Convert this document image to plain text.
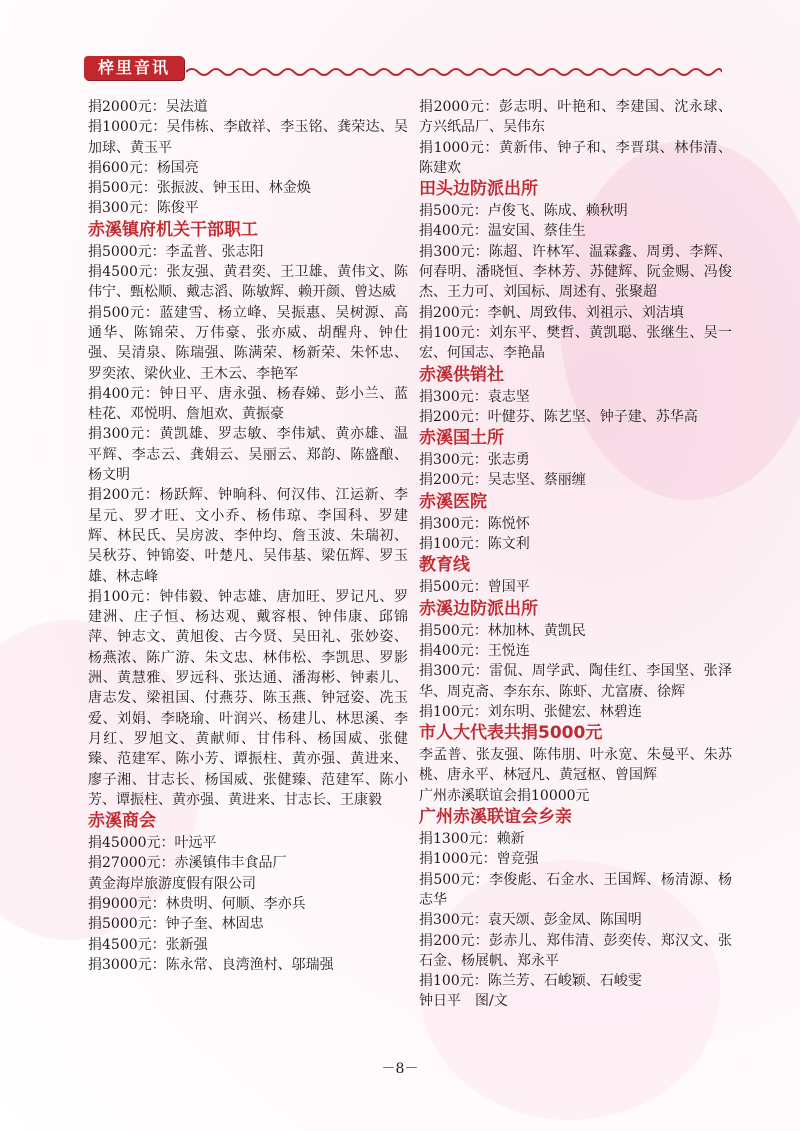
梓里音讯

捐2000元：吴法道

捐1000元：吴伟栋、李啟祥、李玉铭、龚荣达、吴加球、黄玉平

捐600元：杨国亮

捐500元：张振波、钟玉田、林金焕

捐300元：陈俊平

赤溪镇府机关干部职工

捐5000元：李孟普、张志阳

捐4500元：张友强、黄君奕、王卫雄、黄伟文、陈伟宁、甄松顺、戴志滔、陈敏辉、赖开颜、曾达威

捐500元：蓝建雪、杨立峰、吴振惠、吴树源、高通华、陈锦荣、万伟豪、张亦威、胡醒舟、钟仕强、吴清泉、陈瑞强、陈满荣、杨新荣、朱怀忠、罗奕浓、梁伙业、王木云、李艳军

捐400元：钟日平、唐永强、杨春娣、彭小兰、蓝桂花、邓悦明、詹旭欢、黄振豪

捐300元：黄凯雄、罗志敏、李伟斌、黄亦雄、温平辉、李志云、龚娟云、吴丽云、郑韵、陈盛酿、杨文明

捐200元：杨跃辉、钟晌科、何汉伟、江运新、李星元、罗才旺、文小乔、杨伟琼、李国科、罗建辉、林民氏、吴房波、李仲均、詹玉波、朱瑞初、吴秋芬、钟锦姿、叶楚凡、吴伟基、梁伍辉、罗玉雄、林志峰

捐100元：钟伟毅、钟志雄、唐加旺、罗记凡、罗建洲、庄子恒、杨达观、戴容根、钟伟康、邱锦萍、钟志文、黄旭俊、古今贤、吴田礼、张妙姿、杨燕浓、陈广游、朱文忠、林伟松、李凯思、罗影洲、黄慧雅、罗远科、张达通、潘海彬、钟素儿、唐志发、梁祖国、付燕芬、陈玉燕、钟冠姿、冼玉爱、刘娟、李晓瑜、叶润兴、杨建儿、林思溪、李月红、罗旭文、黄献师、甘伟科、杨国威、张健臻、范建军、陈小芳、谭振柱、黄亦强、黄进来、廖子湘、甘志长、杨国威、张健臻、范建军、陈小芳、谭振柱、黄亦强、黄进来、甘志长、王康毅

赤溪商会

捐45000元：叶远平

捐27000元：赤溪镇伟丰食品厂

黄金海岸旅游度假有限公司

捐9000元：林贵明、何顺、李亦兵

捐5000元：钟子奎、林固忠

捐4500元：张新强

捐3000元：陈永常、良湾渔村、邬瑞强

捐2000元：彭志明、叶艳和、李建国、沈永球、方兴纸品厂、吴伟东

捐1000元：黄新伟、钟子和、李晋琪、林伟清、陈建欢

田头边防派出所

捐500元：卢俊飞、陈成、赖秋明

捐400元：温安国、蔡佳生

捐300元：陈超、许林军、温霖鑫、周勇、李辉、何春明、潘晓恒、李林芳、苏健辉、阮金赐、冯俊杰、王力可、刘国标、周述有、张聚超

捐200元：李帆、周致伟、刘祖示、刘洁填

捐100元：刘东平、樊哲、黄凯聪、张继生、吴一宏、何国志、李艳晶

赤溪供销社

捐300元：袁志坚

捐200元：叶健芬、陈艺坚、钟子建、苏华高

赤溪国土所

捐300元：张志勇

捐200元：吴志坚、蔡丽缠

赤溪医院

捐300元：陈悦怀

捐100元：陈文利

教育线

捐500元：曾国平

赤溪边防派出所

捐500元：林加林、黄凯民

捐400元：王悦连

捐300元：雷侃、周学武、陶佳红、李国坚、张泽华、周克斋、李东东、陈虾、尤富赓、徐辉

捐100元：刘东明、张健宏、林碧连

市人大代表共捐5000元

李孟普、张友强、陈伟朋、叶永宽、朱曼平、朱苏桃、唐永平、林冠凡、黄冠枢、曾国辉

广州赤溪联谊会捐10000元

广州赤溪联谊会乡亲

捐1300元：赖新

捐1000元：曾竞强

捐500元：李俊彪、石金水、王国辉、杨清源、杨志华

捐300元：袁天颂、彭金凤、陈国明

捐200元：彭赤儿、郑伟清、彭奕传、郑汉文、张石金、杨展帆、郑永平

捐100元：陈兰芳、石峻颖、石峻雯

钟日平　图/文

－8－
